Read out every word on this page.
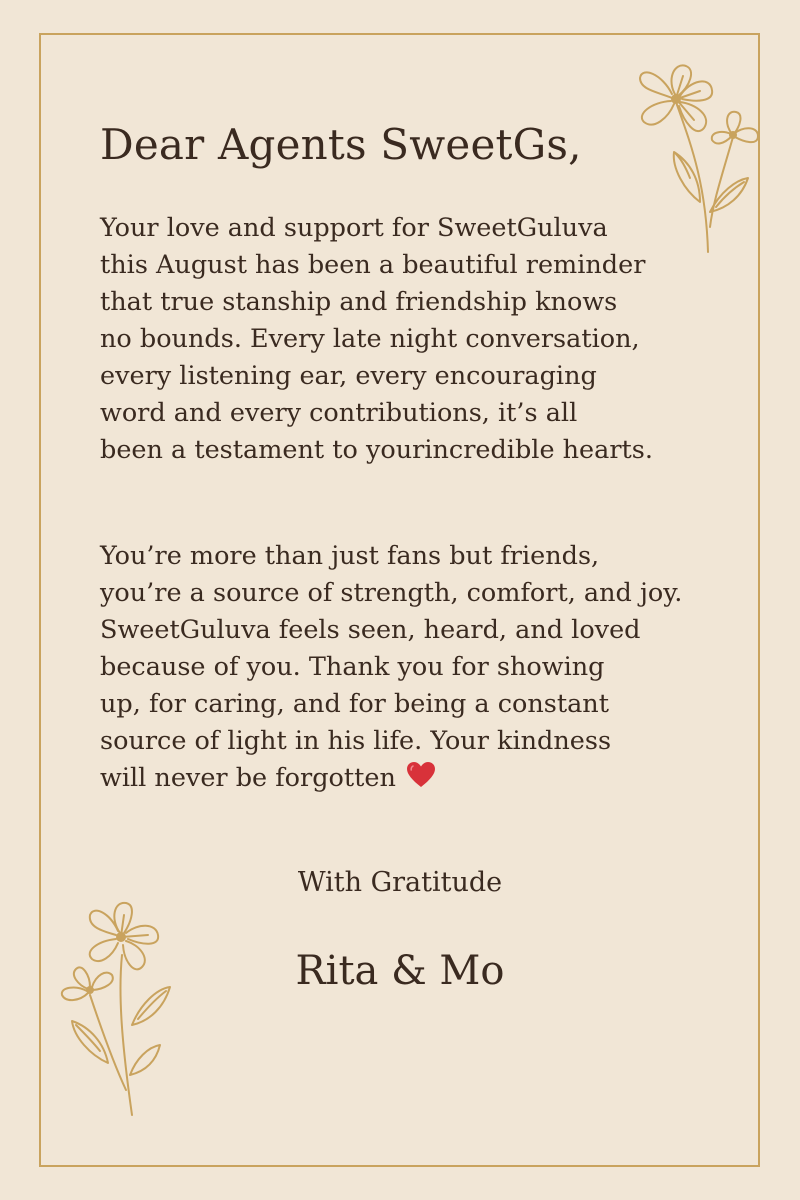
Dear Agents SweetGs,

Your love and support for SweetGuluva
this August has been a beautiful reminder
that true stanship and friendship knows
no bounds. Every late night conversation,
every listening ear, every encouraging
word and every contributions, it’s all
been a testament to yourincredible hearts.

You’re more than just fans but friends,
you’re a source of strength, comfort, and joy.
SweetGuluva feels seen, heard, and loved
because of you. Thank you for showing
up, for caring, and for being a constant
source of light in his life. Your kindness
will never be forgotten

With Gratitude

Rita & Mo
